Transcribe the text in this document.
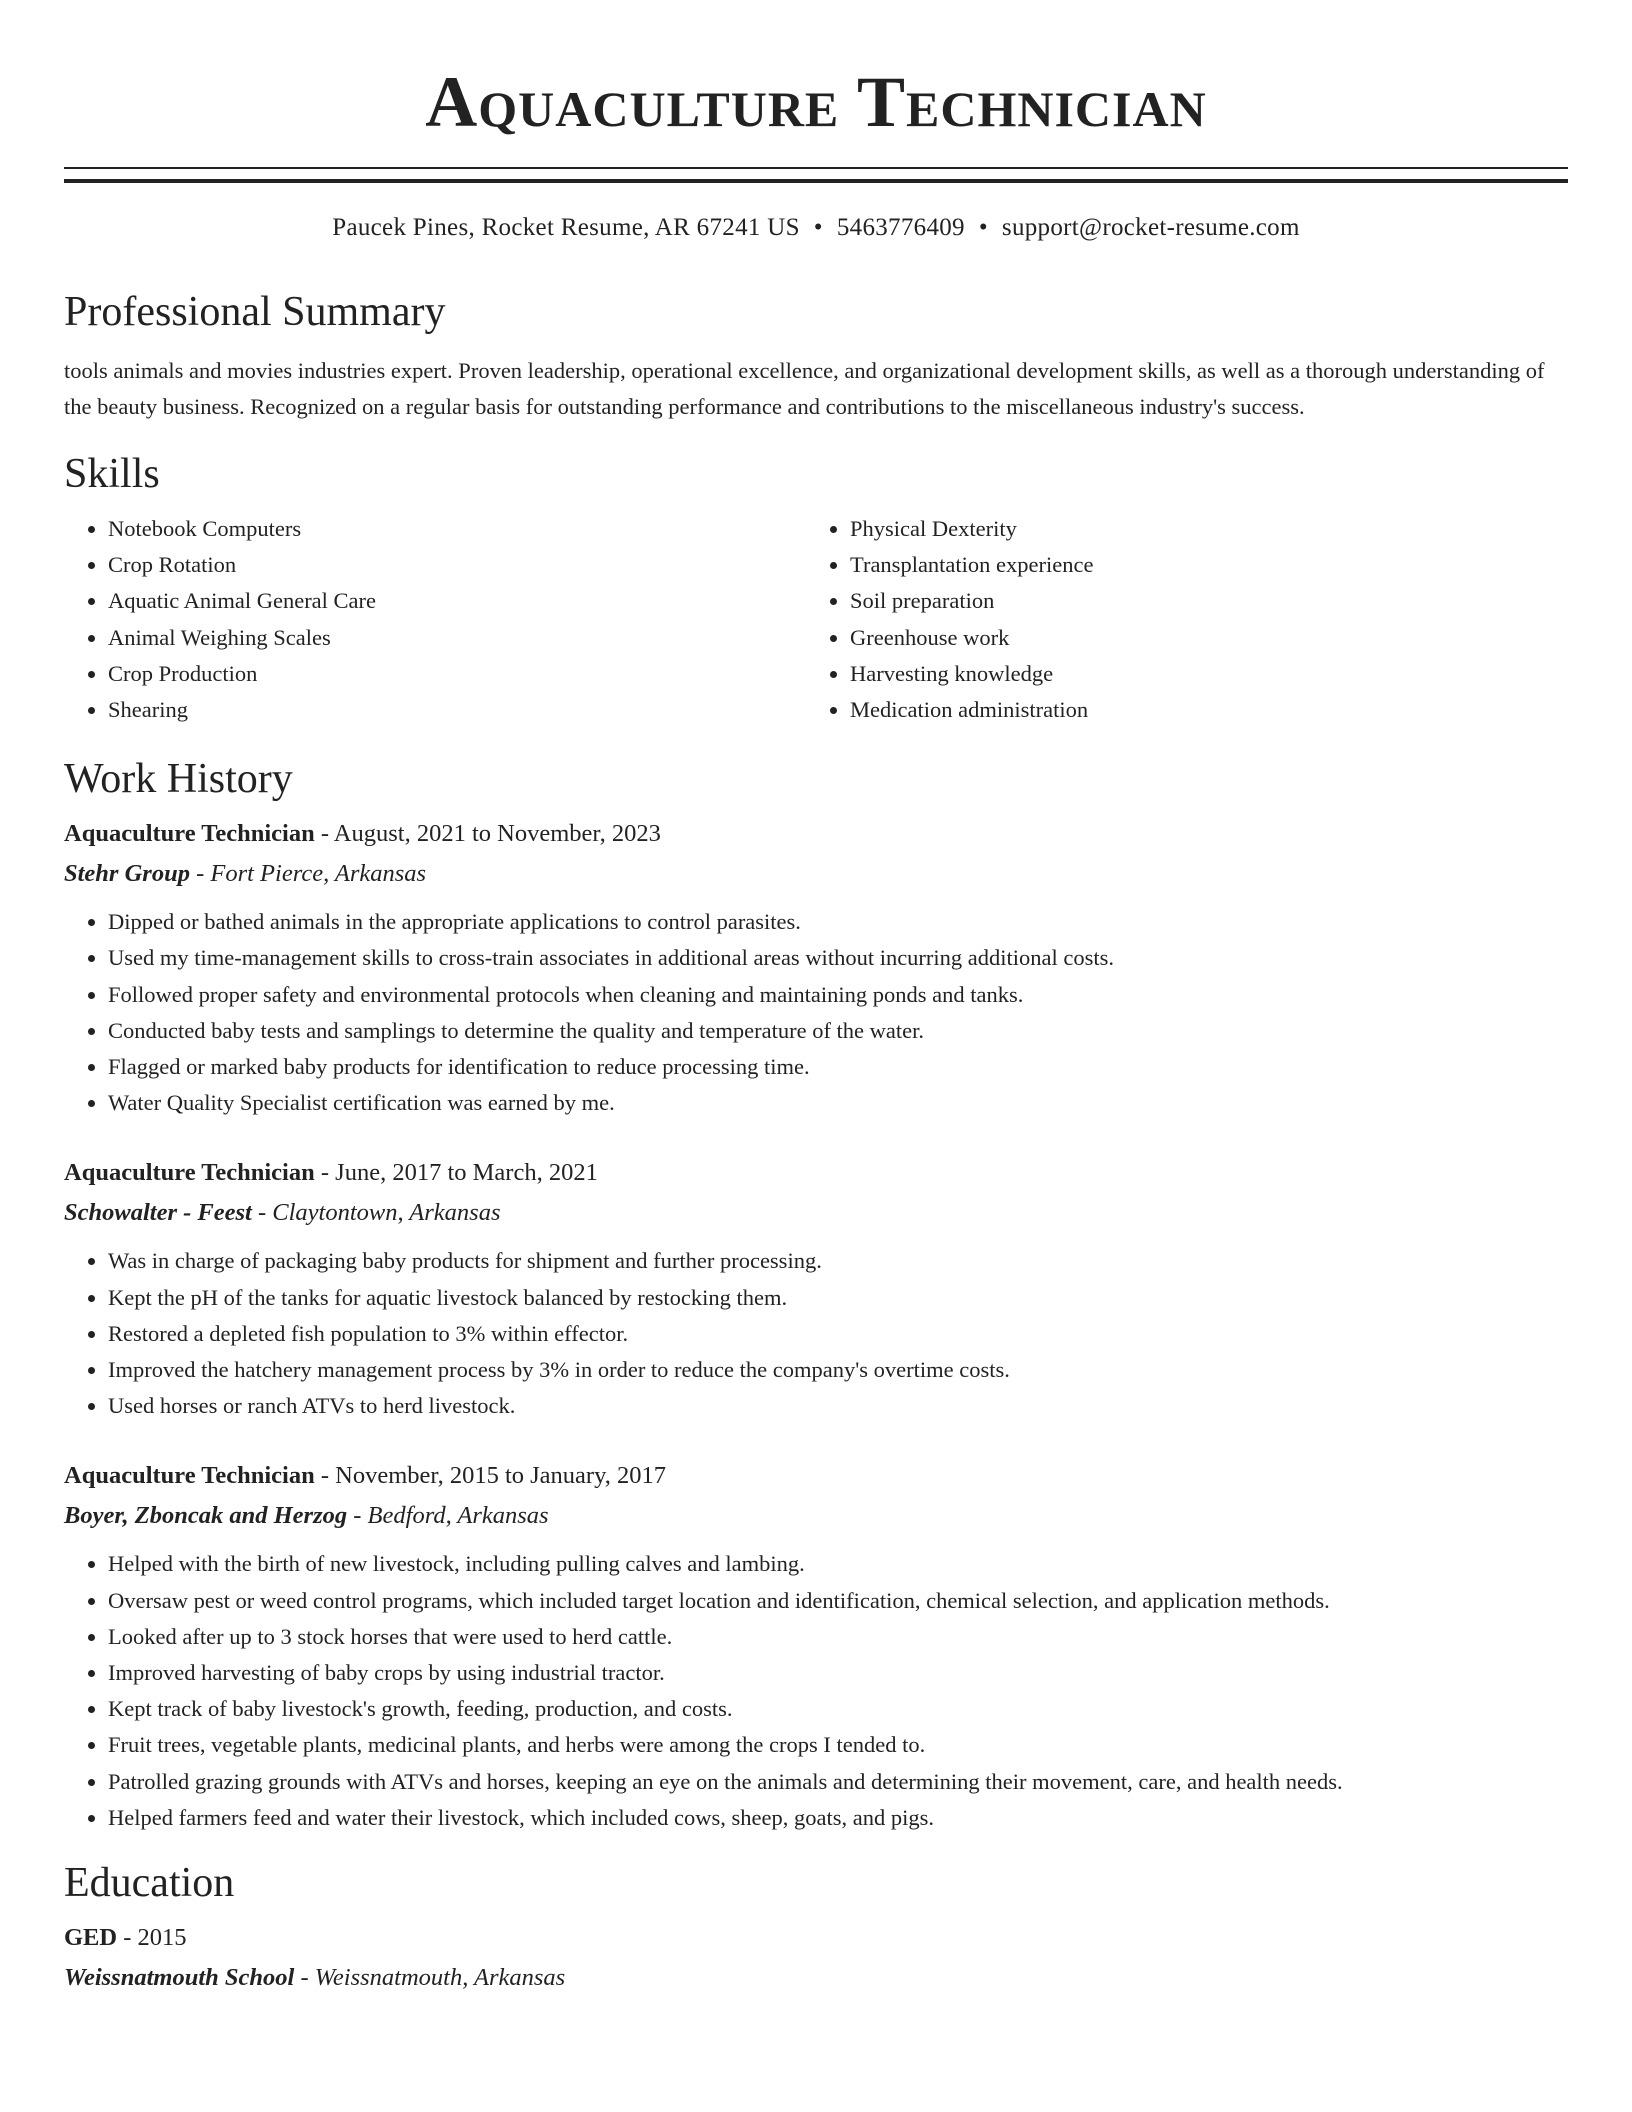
Aquaculture Technician
Paucek Pines, Rocket Resume, AR 67241 US • 5463776409 • support@rocket-resume.com
Professional Summary

tools animals and movies industries expert. Proven leadership, operational excellence, and organizational development skills, as well as a thorough understanding of the beauty business. Recognized on a regular basis for outstanding performance and contributions to the miscellaneous industry's success.

Skills
• Notebook Computers
• Crop Rotation
• Aquatic Animal General Care
• Animal Weighing Scales
• Crop Production
• Shearing
• Physical Dexterity
• Transplantation experience
• Soil preparation
• Greenhouse work
• Harvesting knowledge
• Medication administration
Work History
Aquaculture Technician - August, 2021 to November, 2023
Stehr Group - Fort Pierce, Arkansas
• Dipped or bathed animals in the appropriate applications to control parasites.
• Used my time-management skills to cross-train associates in additional areas without incurring additional costs.
• Followed proper safety and environmental protocols when cleaning and maintaining ponds and tanks.
• Conducted baby tests and samplings to determine the quality and temperature of the water.
• Flagged or marked baby products for identification to reduce processing time.
• Water Quality Specialist certification was earned by me.
Aquaculture Technician - June, 2017 to March, 2021
Schowalter - Feest - Claytontown, Arkansas
• Was in charge of packaging baby products for shipment and further processing.
• Kept the pH of the tanks for aquatic livestock balanced by restocking them.
• Restored a depleted fish population to 3% within effector.
• Improved the hatchery management process by 3% in order to reduce the company's overtime costs.
• Used horses or ranch ATVs to herd livestock.
Aquaculture Technician - November, 2015 to January, 2017
Boyer, Zboncak and Herzog - Bedford, Arkansas
• Helped with the birth of new livestock, including pulling calves and lambing.
• Oversaw pest or weed control programs, which included target location and identification, chemical selection, and application methods.
• Looked after up to 3 stock horses that were used to herd cattle.
• Improved harvesting of baby crops by using industrial tractor.
• Kept track of baby livestock's growth, feeding, production, and costs.
• Fruit trees, vegetable plants, medicinal plants, and herbs were among the crops I tended to.
• Patrolled grazing grounds with ATVs and horses, keeping an eye on the animals and determining their movement, care, and health needs.
• Helped farmers feed and water their livestock, which included cows, sheep, goats, and pigs.
Education
GED - 2015
Weissnatmouth School - Weissnatmouth, Arkansas
